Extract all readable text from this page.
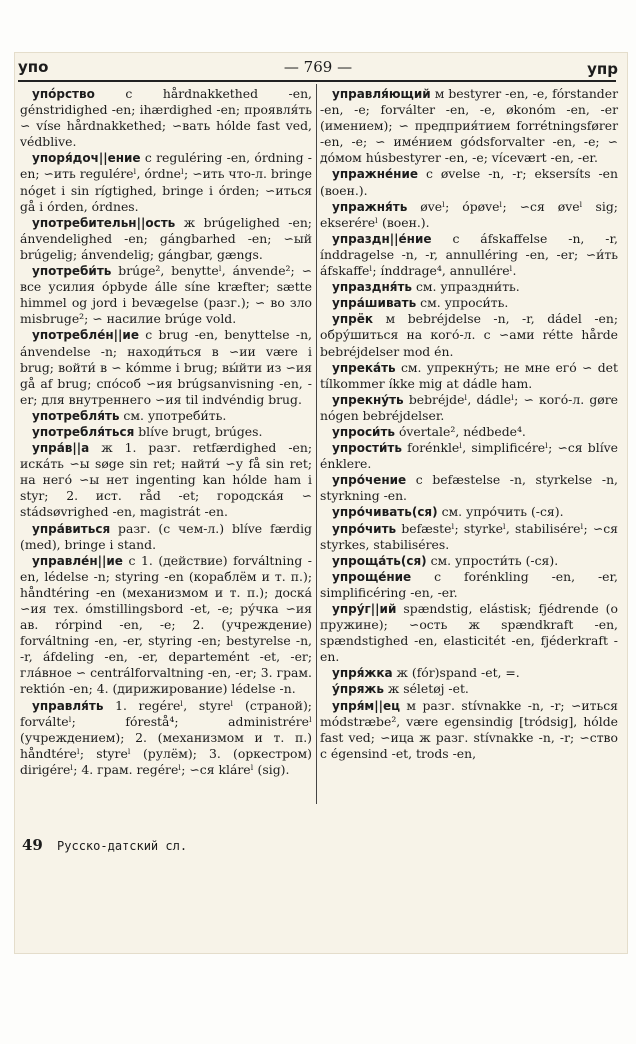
упо	— 769 —	упр

упóрство c hårdnakkethed -en, génstridighed -en; ihærdighed -en; проявля́ть ∽ víse hårdnakkethed; ∽вать hólde fast ved, védblive.

упоря́доч||ение c reguléring -en, órdning -en; ∽ить reguléreˡ, órdneˡ; ∽ить что-л. bringe nóget i sin rígtighed, bringe i órden; ∽иться gå i órden, órdnes.

употребительн||ость ж brúgelighed -en; ánvendelighed -en; gángbarhed -en; ∽ый brúgelig; ánvendelig; gángbar, gængs.

употреби́ть brúge², benytteˡ, ánvende²; ∽ все усилия ópbyde álle síne kræfter; sætte himmel og jord i bevægelse (разг.); ∽ во зло misbruge²; ∽ насилие brúge vold.

употребле́н||ие c brug -en, benyttelse -n, ánvendelse -n; находи́ться в ∽ии være i brug; войти́ в ∽ kómme i brug; вы́йти из ∽ия gå af brug; спо́соб ∽ия brúgsanvisning -en, -er; для внутреннего ∽ия til indvéndig brug.

употребля́ть см. употреби́ть.

употребля́ться blíve brugt, brúges.

упра́в||а ж 1. разг. retfærdighed -en; иска́ть ∽ы søge sin ret; найти́ ∽у få sin ret; на него́ ∽ы нет ingenting kan hólde ham i styr; 2. ист. råd -et; городска́я ∽ stádsøvrighed -en, magistrát -en.

упра́виться разг. (с чем-л.) blíve færdig (med), bringe i stand.

управле́н||ие c 1. (действие) forváltning -en, lédelse -n; styring -en (кораблём и т. п.); håndtéring -en (механизмом и т. п.); доска́ ∽ия тех. ómstillingsbord -et, -e; ру́чка ∽ия ав. rórpind -en, -e; 2. (учреждение) forváltning -en, -er, styring -en; bestyrelse -n, -r, áfdeling -en, -er, departemént -et, -er; гла́вное ∽ centrálforvaltning -en, -er; 3. грам. rektión -en; 4. (дирижирование) lédelse -n.

управля́ть 1. regéreˡ, styreˡ (страной); forválteˡ; fórestå⁴; administréreˡ (учреждением); 2. (механизмом и т. п.) håndtéreˡ; styreˡ (рулём); 3. (оркестром) dirigéreˡ; 4. грам. regéreˡ; ∽ся kláreˡ (sig).

управля́ющий м bestyrer -en, -e, fórstander -en, -e; forválter -en, -e, økonóm -en, -er (имением); ∽ предприя́тием forrétningsfører -en, -e; ∽ име́нием gódsforvalter -en, -e; ∽ до́мом húsbestyrer -en, -e; vícevært -en, -er.

упражне́ние c øvelse -n, -r; eksersíts -en (воен.).

упражня́ть øveˡ; ópøveˡ; ∽ся øveˡ sig; ekseréreˡ (воен.).

упраздн||е́ние c áfskaffelse -n, -r, índdragelse -n, -r, annulléring -en, -er; ∽и́ть áfskaffeˡ; índdrage⁴, annulléreˡ.

упраздня́ть см. упраздни́ть.

упра́шивать см. упроси́ть.

упрёк м bebréjdelse -n, -r, dádel -en; обру́шиться на кого́-л. с ∽ами rétte hårde bebréjdelser mod én.

упрека́ть см. упрекну́ть; не мне его́ ∽ det tílkommer íkke mig at dádle ham.

упрекну́ть bebréjdeˡ, dádleˡ; ∽ кого́-л. gøre nógen bebréjdelser.

упроси́ть óvertale², nédbede⁴.

упрости́ть forénkleˡ, simplificéreˡ; ∽ся blíve énklere.

упро́чение c befæstelse -n, styrkelse -n, styrkning -en.

упро́чивать(ся) см. упро́чить (-ся).

упро́чить befæsteˡ; styrkeˡ, stabiliséreˡ; ∽ся styrkes, stabiliséres.

упроща́ть(ся) см. упрости́ть (-ся).

упроще́ние c forénkling -en, -er, simplificéring -en, -er.

упру́г||ий spændstig, elástisk; fjédrende (о пружине); ∽ость ж spændkraft -en, spændstighed -en, elasticitét -en, fjéderkraft -en.

упря́жка ж (fór)spand -et, =.

у́пряжь ж séletøj -et.

упря́м||ец м разг. stívnakke -n, -r; ∽иться módstræbe², være egensindig [tródsig], hólde fast ved; ∽ица ж разг. stívnakke -n, -r; ∽ство c égensind -et, trods -en,

49 Русско-датский сл.
